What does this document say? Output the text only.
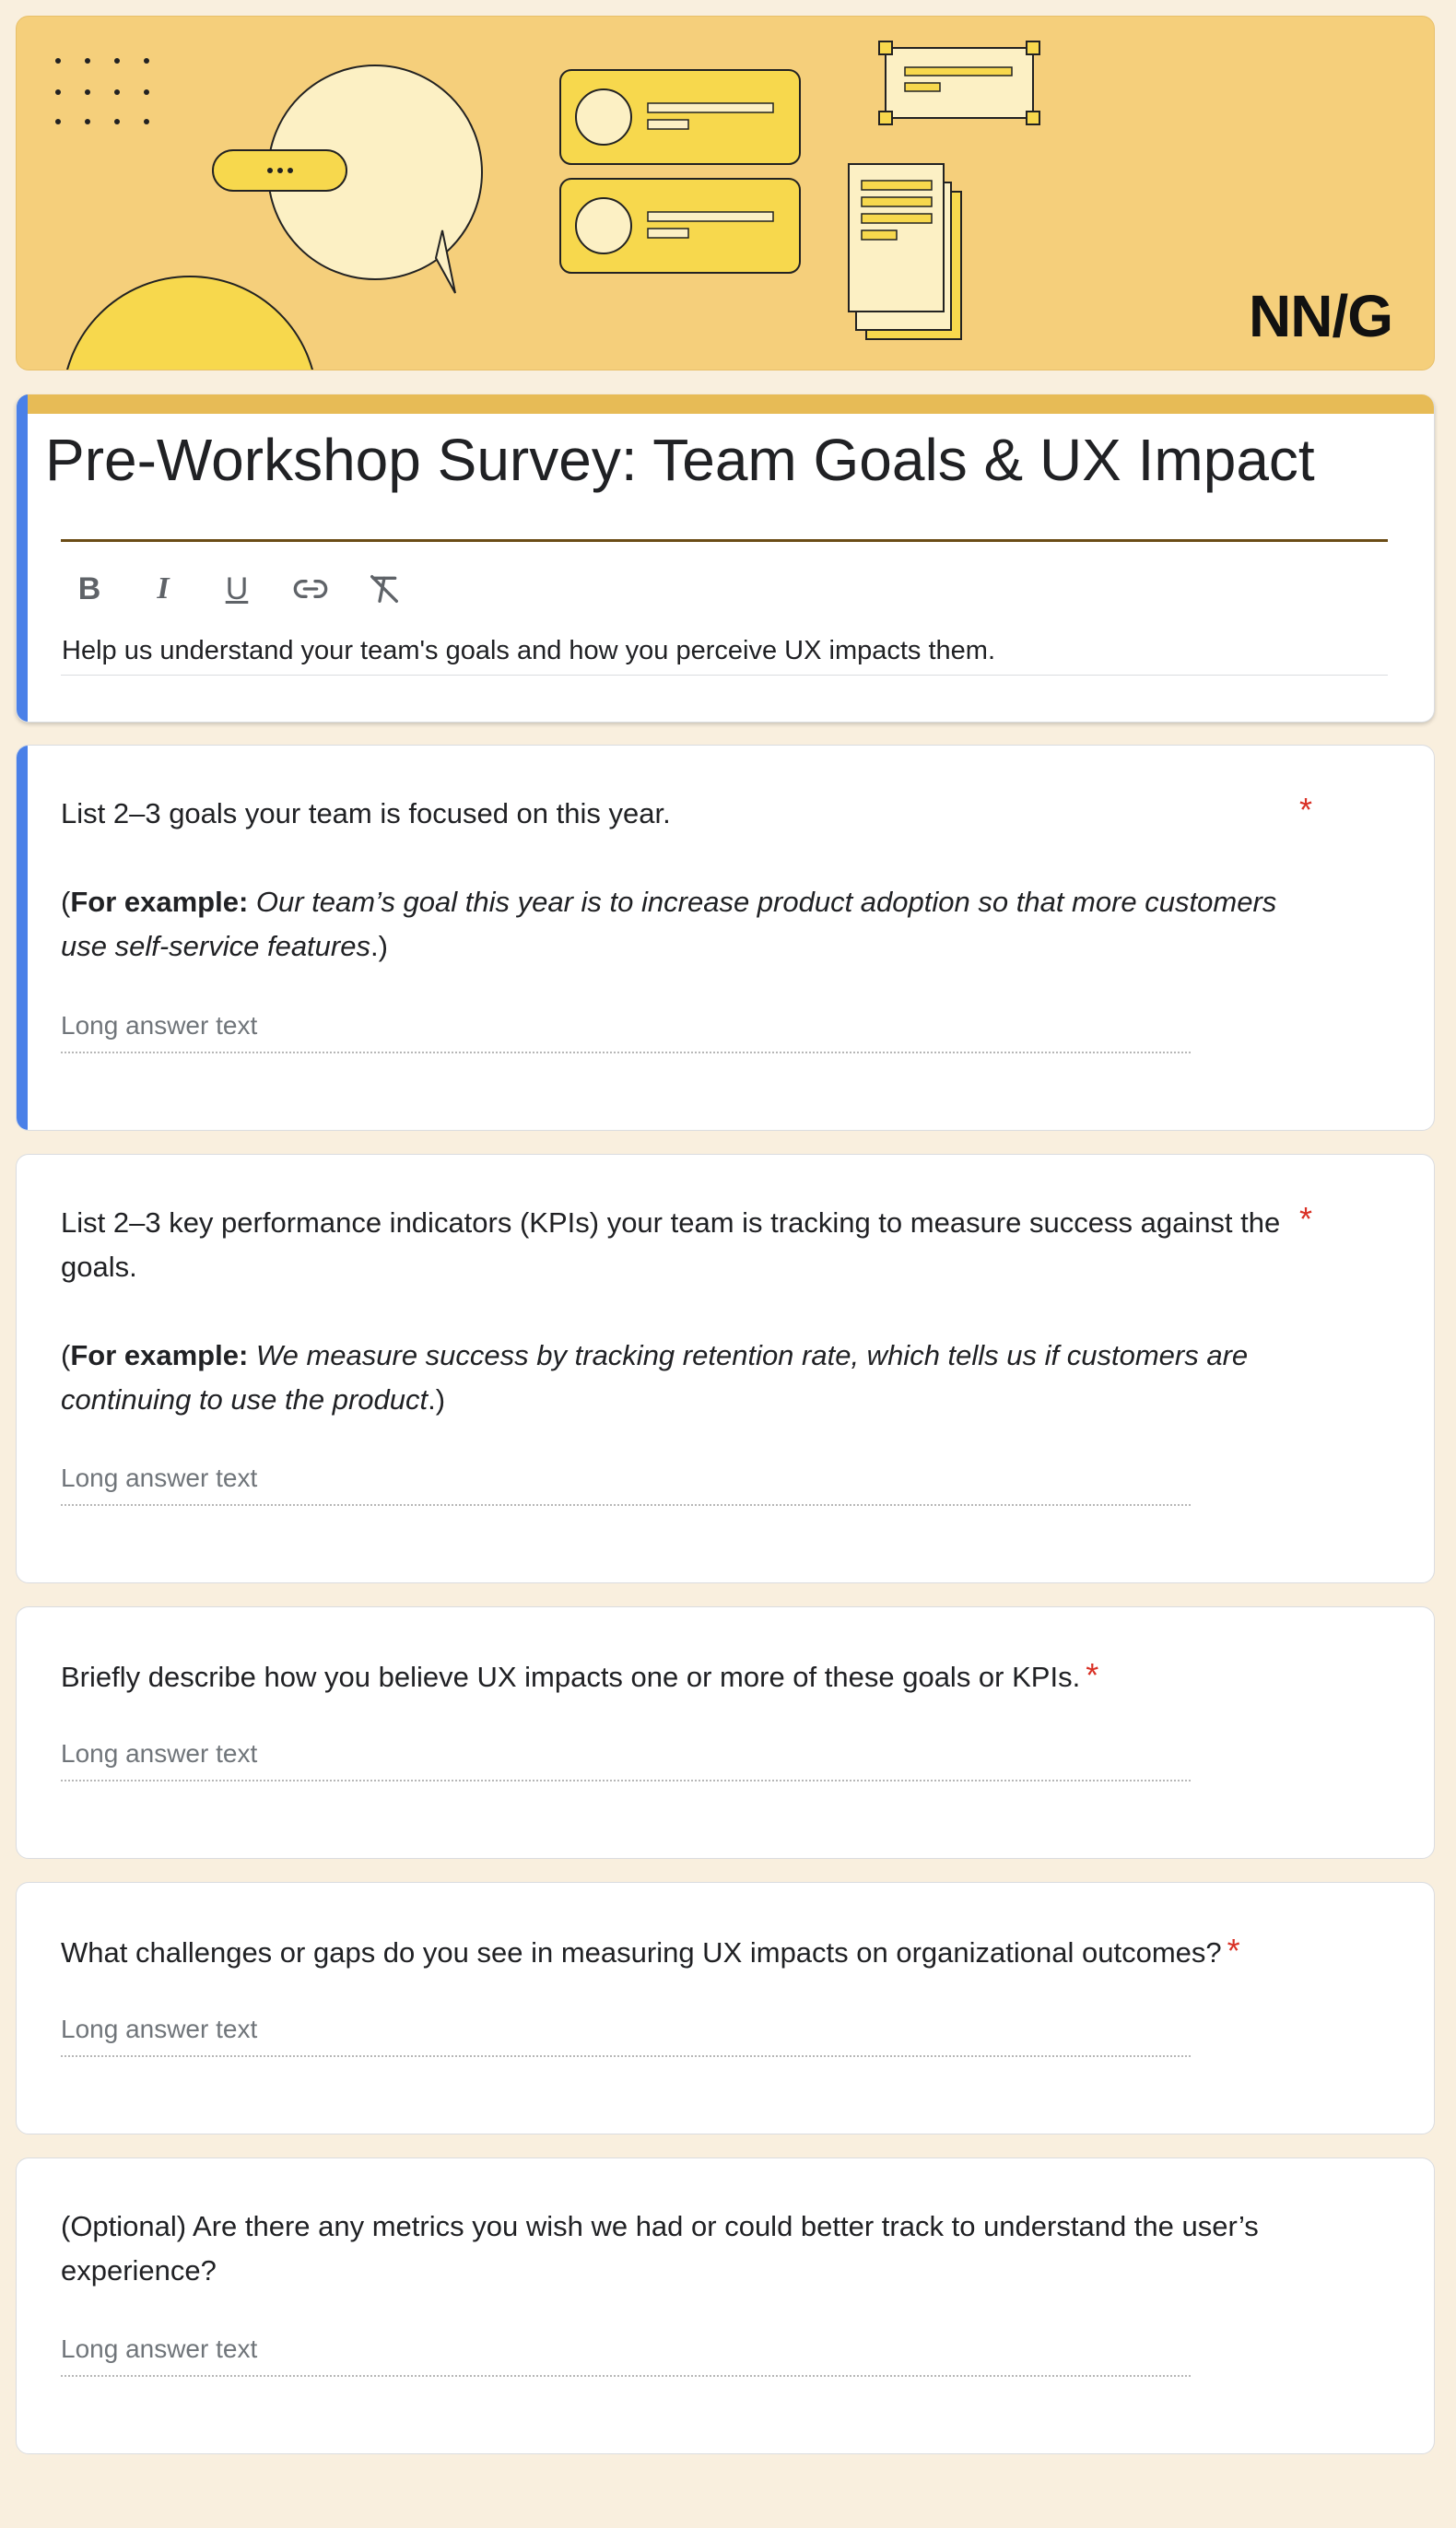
NN/G
B I U
Help us understand your team's goals and how you perceive UX impacts them.
Pre-Workshop Survey: Team Goals & UX Impact
*

List 2–3 goals your team is focused on this year.

(For example: Our team’s goal this year is to increase product adoption so that more customers use self-service features.)

Long answer text
*

List 2–3 key performance indicators (KPIs) your team is tracking to measure success against the goals.

(For example: We measure success by tracking retention rate, which tells us if customers are continuing to use the product.)

Long answer text

Briefly describe how you believe UX impacts one or more of these goals or KPIs. *

Long answer text

What challenges or gaps do you see in measuring UX impacts on organizational outcomes? *

Long answer text

(Optional) Are there any metrics you wish we had or could better track to understand the user’s experience?

Long answer text
